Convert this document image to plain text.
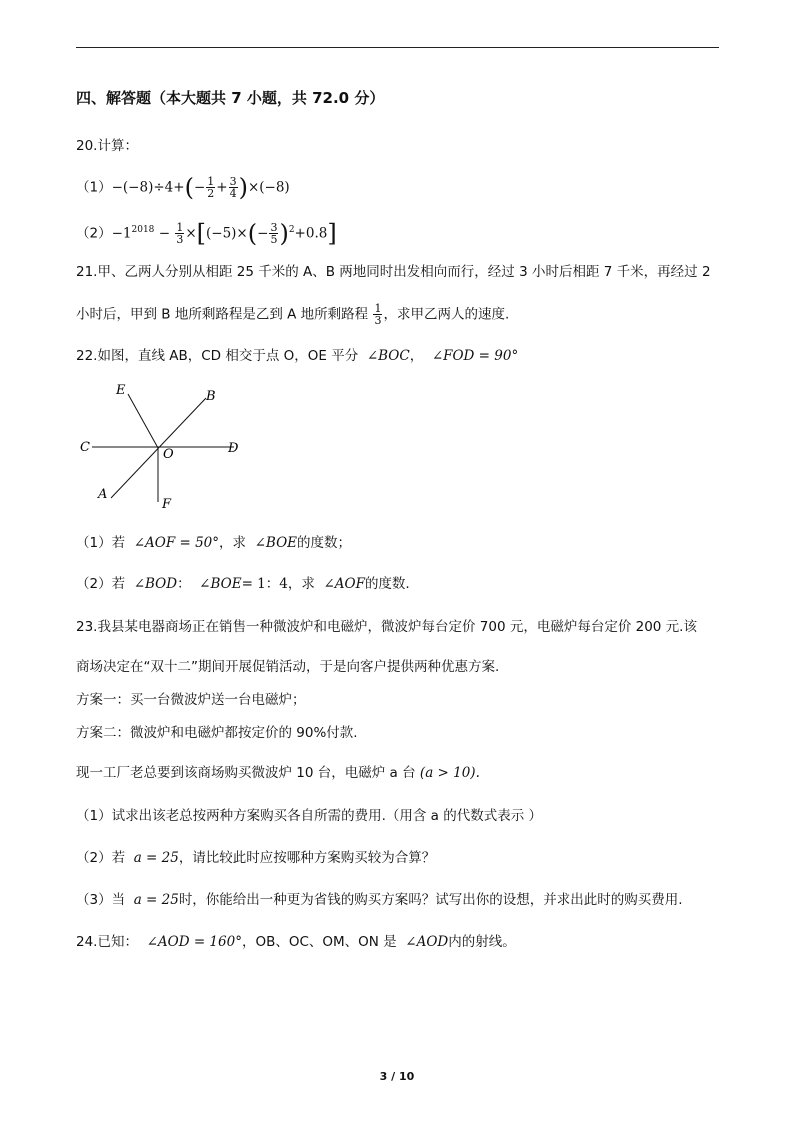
四、解答题（本大题共 7 小题，共 72.0 分）
20.计算：
$(1)-(-8)\div 4+(- \frac{1}{2} + \frac{3}{4} )\times(-8)$
$(2)-1^{2018} - \frac{1}{3} \times[(-5)\times(- \frac{3}{5} )^2+0.8]$
21.甲、乙两人分别从相距 25 千米的 A、B 两地同时出发相向而行，经过 3 小时后相距 7 千米，再经过 2
小时后，甲到 B 地所剩路程是乙到 A 地所剩路程 $\frac{1}{3}$ ，求甲乙两人的速度.
22.如图，直线 AB，CD 相交于点 O，OE 平分 ∠BOC， ∠FOD = 90°
E	B
C	O	D
A
F
（1）若 ∠AOF = 50°，求 ∠BOE的度数；
（2）若 ∠BOD： ∠BOE= 1：4，求 ∠AOF的度数.
23.我县某电器商场正在销售一种微波炉和电磁炉，微波炉每台定价 700 元，电磁炉每台定价 200 元.该
商场决定在“双十二”期间开展促销活动，于是向客户提供两种优惠方案.
方案一：买一台微波炉送一台电磁炉；
方案二：微波炉和电磁炉都按定价的 90%付款.
现一工厂老总要到该商场购买微波炉 10 台，电磁炉 a 台 (a > 10).
（1）试求出该老总按两种方案购买各自所需的费用.（用含 a 的代数式表示 ）
（2）若 a = 25，请比较此时应按哪种方案购买较为合算？
（3）当 a = 25时，你能给出一种更为省钱的购买方案吗？试写出你的设想，并求出此时的购买费用.
24.已知： ∠AOD = 160°，OB、OC、OM、ON 是 ∠AOD内的射线。
3 / 10
